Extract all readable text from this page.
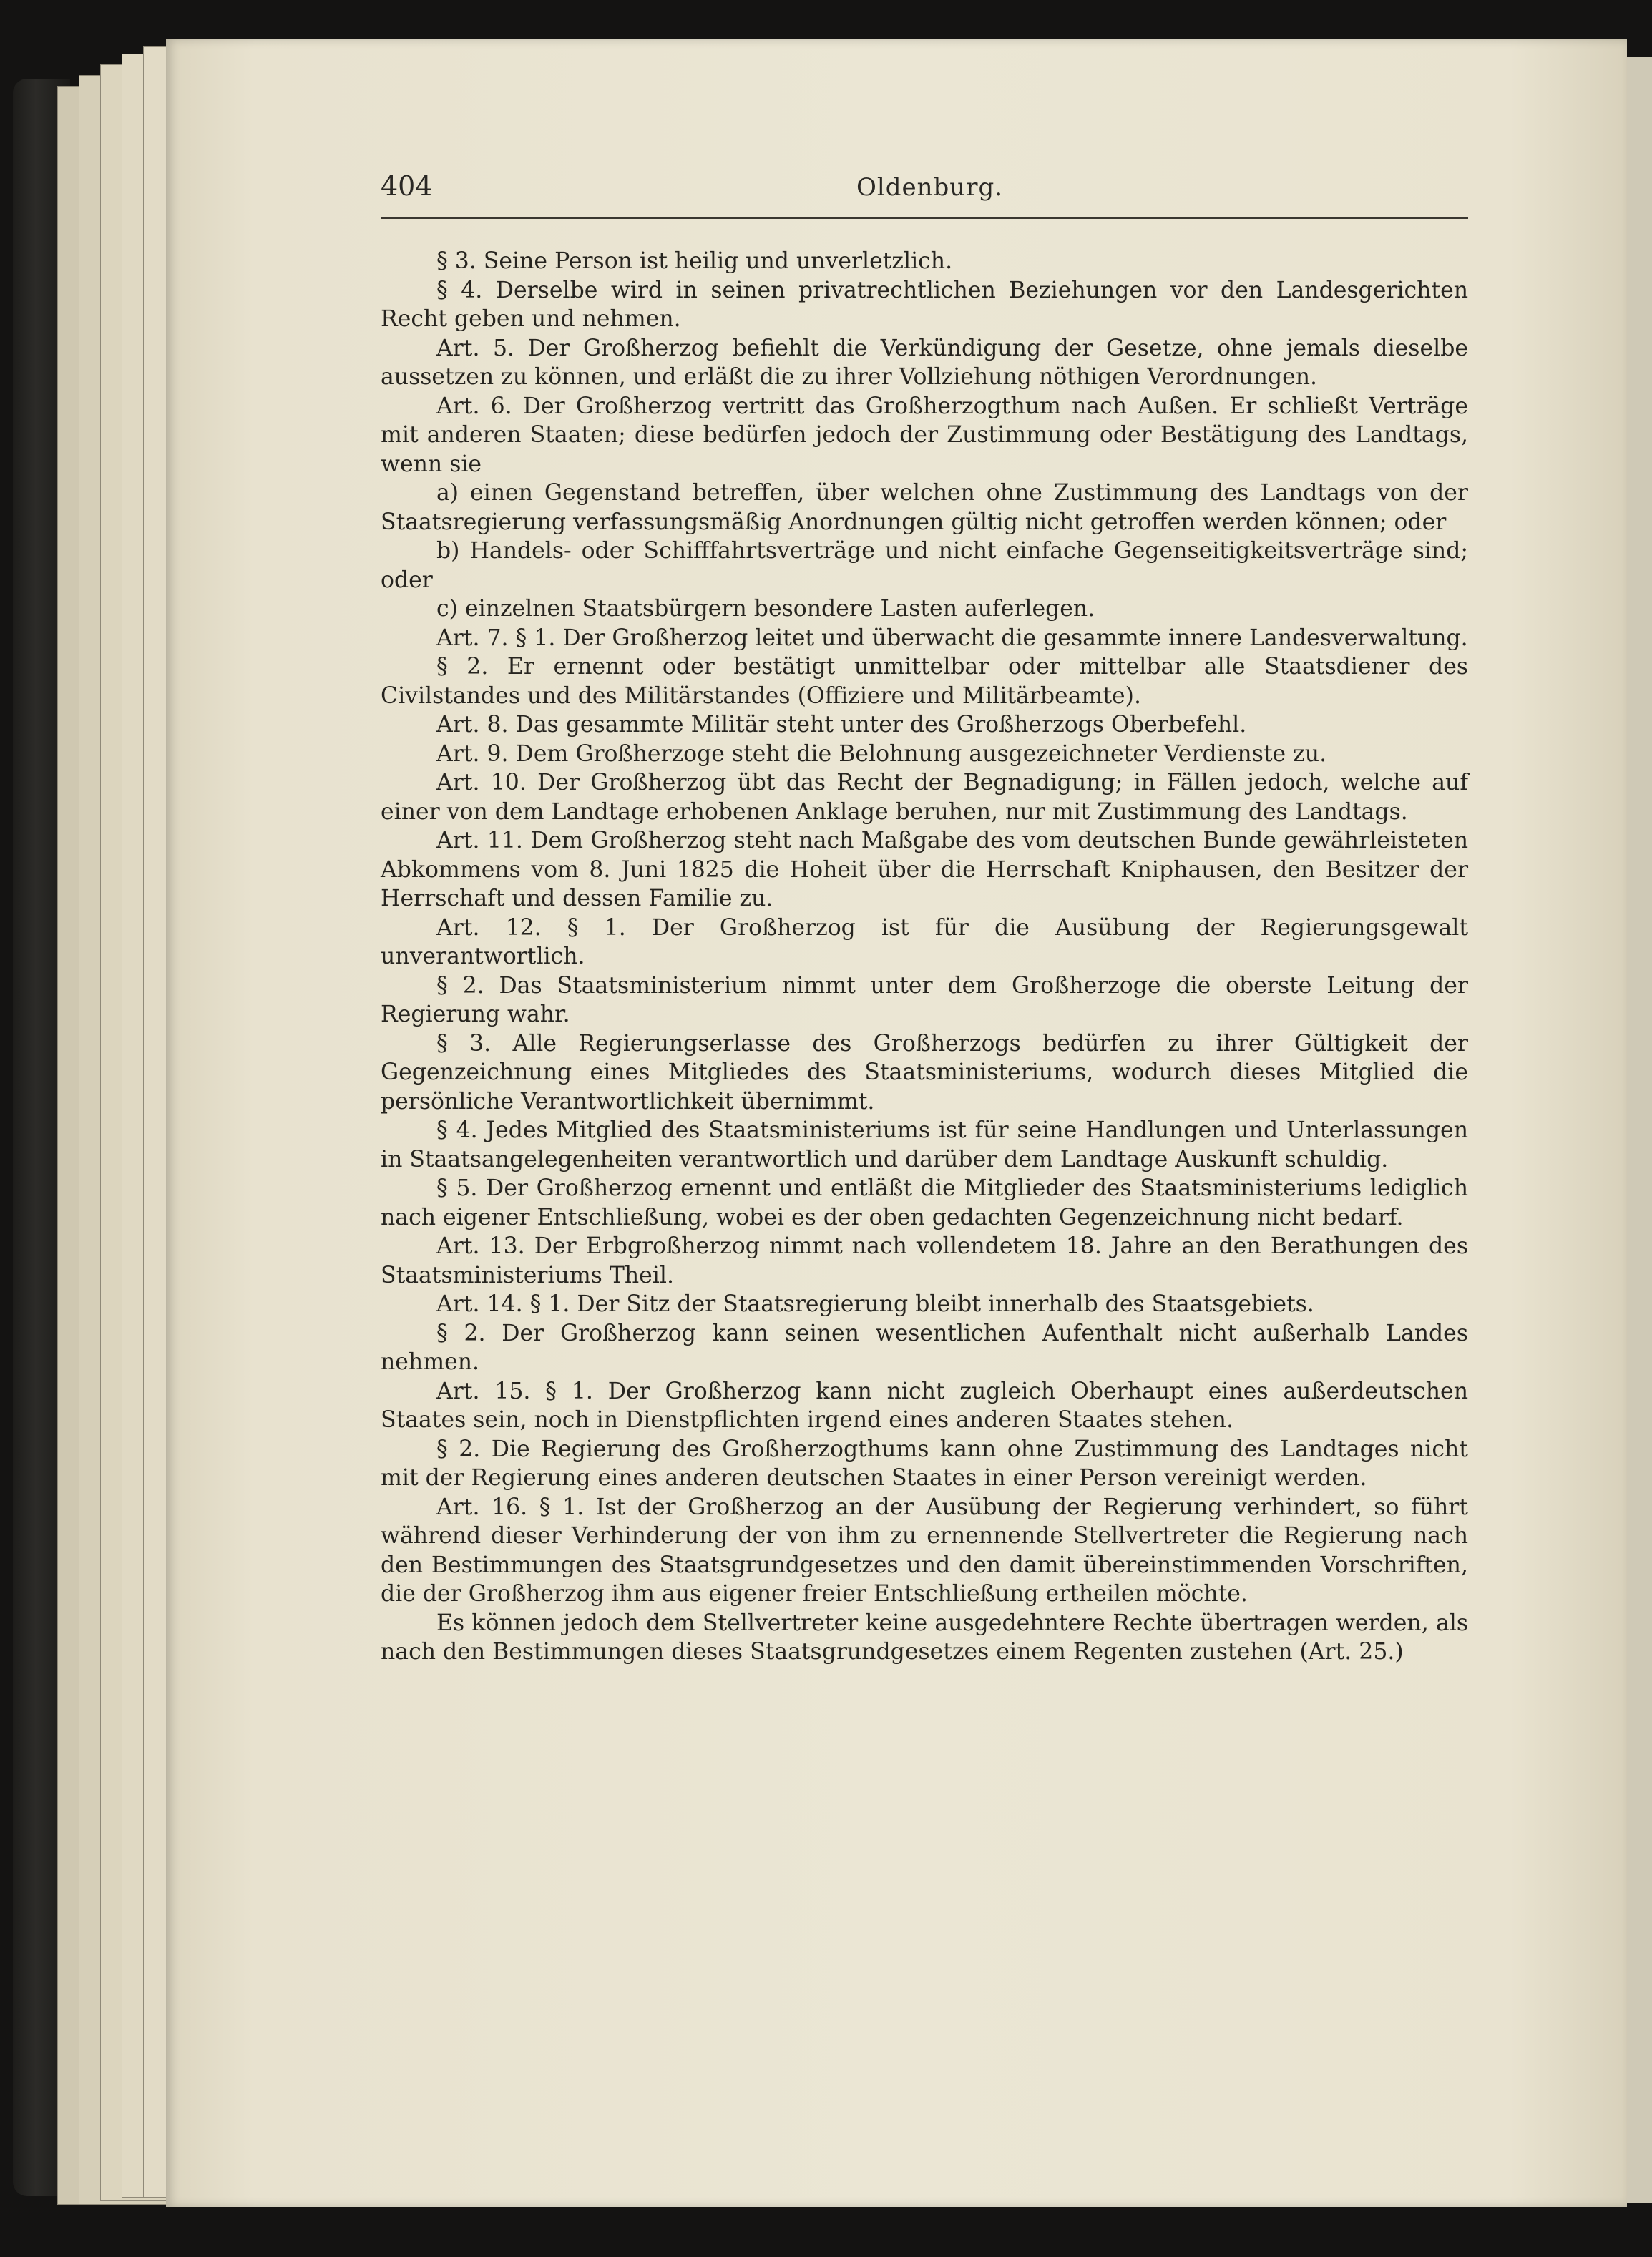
404	Oldenburg.

§ 3. Seine Person ist heilig und unverletzlich.

§ 4. Derselbe wird in seinen privatrechtlichen Beziehungen vor den Landesgerichten Recht geben und nehmen.

Art. 5. Der Großherzog befiehlt die Verkündigung der Gesetze, ohne jemals dieselbe aussetzen zu können, und erläßt die zu ihrer Vollziehung nöthigen Verordnungen.

Art. 6. Der Großherzog vertritt das Großherzogthum nach Außen. Er schließt Verträge mit anderen Staaten; diese bedürfen jedoch der Zustimmung oder Bestätigung des Landtags, wenn sie

a) einen Gegenstand betreffen, über welchen ohne Zustimmung des Landtags von der Staatsregierung verfassungsmäßig Anordnungen gültig nicht getroffen werden können; oder

b) Handels- oder Schifffahrtsverträge und nicht einfache Gegenseitigkeitsverträge sind; oder

c) einzelnen Staatsbürgern besondere Lasten auferlegen.

Art. 7. § 1. Der Großherzog leitet und überwacht die gesammte innere Landesverwaltung.

§ 2. Er ernennt oder bestätigt unmittelbar oder mittelbar alle Staatsdiener des Civilstandes und des Militärstandes (Offiziere und Militärbeamte).

Art. 8. Das gesammte Militär steht unter des Großherzogs Oberbefehl.

Art. 9. Dem Großherzoge steht die Belohnung ausgezeichneter Verdienste zu.

Art. 10. Der Großherzog übt das Recht der Begnadigung; in Fällen jedoch, welche auf einer von dem Landtage erhobenen Anklage beruhen, nur mit Zustimmung des Landtags.

Art. 11. Dem Großherzog steht nach Maßgabe des vom deutschen Bunde gewährleisteten Abkommens vom 8. Juni 1825 die Hoheit über die Herrschaft Kniphausen, den Besitzer der Herrschaft und dessen Familie zu.

Art. 12. § 1. Der Großherzog ist für die Ausübung der Regierungsgewalt unverantwortlich.

§ 2. Das Staatsministerium nimmt unter dem Großherzoge die oberste Leitung der Regierung wahr.

§ 3. Alle Regierungserlasse des Großherzogs bedürfen zu ihrer Gültigkeit der Gegenzeichnung eines Mitgliedes des Staatsministeriums, wodurch dieses Mitglied die persönliche Verantwortlichkeit übernimmt.

§ 4. Jedes Mitglied des Staatsministeriums ist für seine Handlungen und Unterlassungen in Staatsangelegenheiten verantwortlich und darüber dem Landtage Auskunft schuldig.

§ 5. Der Großherzog ernennt und entläßt die Mitglieder des Staatsministeriums lediglich nach eigener Entschließung, wobei es der oben gedachten Gegenzeichnung nicht bedarf.

Art. 13. Der Erbgroßherzog nimmt nach vollendetem 18. Jahre an den Berathungen des Staatsministeriums Theil.

Art. 14. § 1. Der Sitz der Staatsregierung bleibt innerhalb des Staatsgebiets.

§ 2. Der Großherzog kann seinen wesentlichen Aufenthalt nicht außerhalb Landes nehmen.

Art. 15. § 1. Der Großherzog kann nicht zugleich Oberhaupt eines außerdeutschen Staates sein, noch in Dienstpflichten irgend eines anderen Staates stehen.

§ 2. Die Regierung des Großherzogthums kann ohne Zustimmung des Landtages nicht mit der Regierung eines anderen deutschen Staates in einer Person vereinigt werden.

Art. 16. § 1. Ist der Großherzog an der Ausübung der Regierung verhindert, so führt während dieser Verhinderung der von ihm zu ernennende Stellvertreter die Regierung nach den Bestimmungen des Staatsgrundgesetzes und den damit übereinstimmenden Vorschriften, die der Großherzog ihm aus eigener freier Entschließung ertheilen möchte.

Es können jedoch dem Stellvertreter keine ausgedehntere Rechte übertragen werden, als nach den Bestimmungen dieses Staatsgrundgesetzes einem Regenten zustehen (Art. 25.)
